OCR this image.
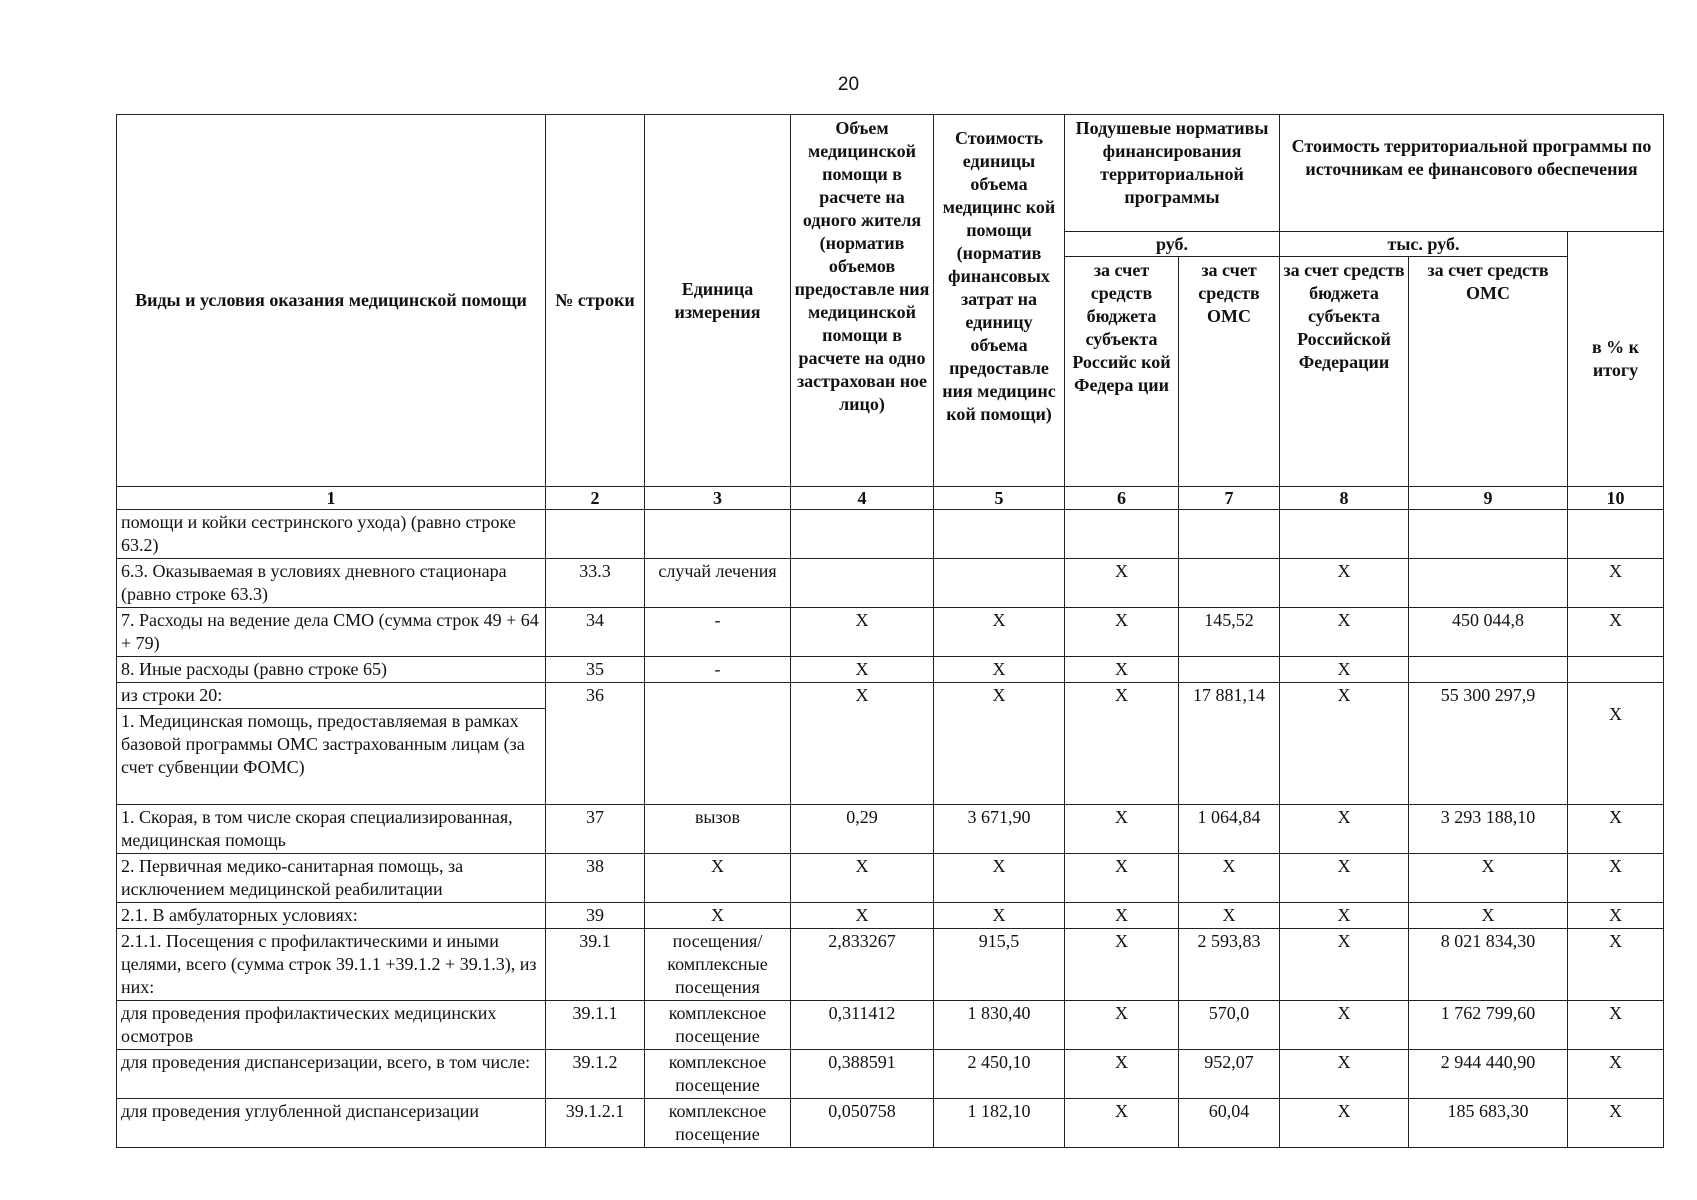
20
Виды и условия оказания медицинской помощи	№ строки	Единица измерения	Объем медицинской помощи в расчете на одного жителя (норматив объемов предоставле ния медицинской помощи в расчете на одно застрахован ное лицо)	Стоимость единицы объема медицинс кой помощи (норматив финансовых затрат на единицу объема предоставле ния медицинс кой помощи)	Подушевые нормативы финансирования территориальной программы		Стоимость территориальной программы по источникам ее финансового обеспечения		
					руб.		тыс. руб.		в % к итогу
					за счет средств бюджета субъекта Российс кой Федера ции	за счет средств ОМС	за счет средств бюджета субъекта Российской Федерации	за счет средств ОМС	
1	2	3	4	5	6	7	8	9	10
помощи и койки сестринского ухода) (равно строке 63.2)									
6.3. Оказываемая в условиях дневного стационара (равно строке 63.3)	33.3	случай лечения			X		X		X
7. Расходы на ведение дела СМО (сумма строк 49 + 64 + 79)	34	-	X	X	X	145,52	X	450 044,8	X
8. Иные расходы (равно строке 65)	35	-	X	X	X		X		
из строки 20:	36		X	X	X	17 881,14	X	55 300 297,9	X
1. Медицинская помощь, предоставляемая в рамках базовой программы ОМС застрахованным лицам (за счет субвенции ФОМС)									
1. Скорая, в том числе скорая специализированная, медицинская помощь	37	вызов	0,29	3 671,90	X	1 064,84	X	3 293 188,10	X
2. Первичная медико-санитарная помощь, за исключением медицинской реабилитации	38	X	X	X	X	X	X	X	X
2.1. В амбулаторных условиях:	39	X	X	X	X	X	X	X	X
2.1.1. Посещения с профилактическими и иными целями, всего (сумма строк 39.1.1 +39.1.2 + 39.1.3), из них:	39.1	посещения/ комплексные посещения	2,833267	915,5	X	2 593,83	X	8 021 834,30	X
для проведения профилактических медицинских осмотров	39.1.1	комплексное посещение	0,311412	1 830,40	X	570,0	X	1 762 799,60	X
для проведения диспансеризации, всего, в том числе:	39.1.2	комплексное посещение	0,388591	2 450,10	X	952,07	X	2 944 440,90	X
для проведения углубленной диспансеризации	39.1.2.1	комплексное посещение	0,050758	1 182,10	X	60,04	X	185 683,30	X
